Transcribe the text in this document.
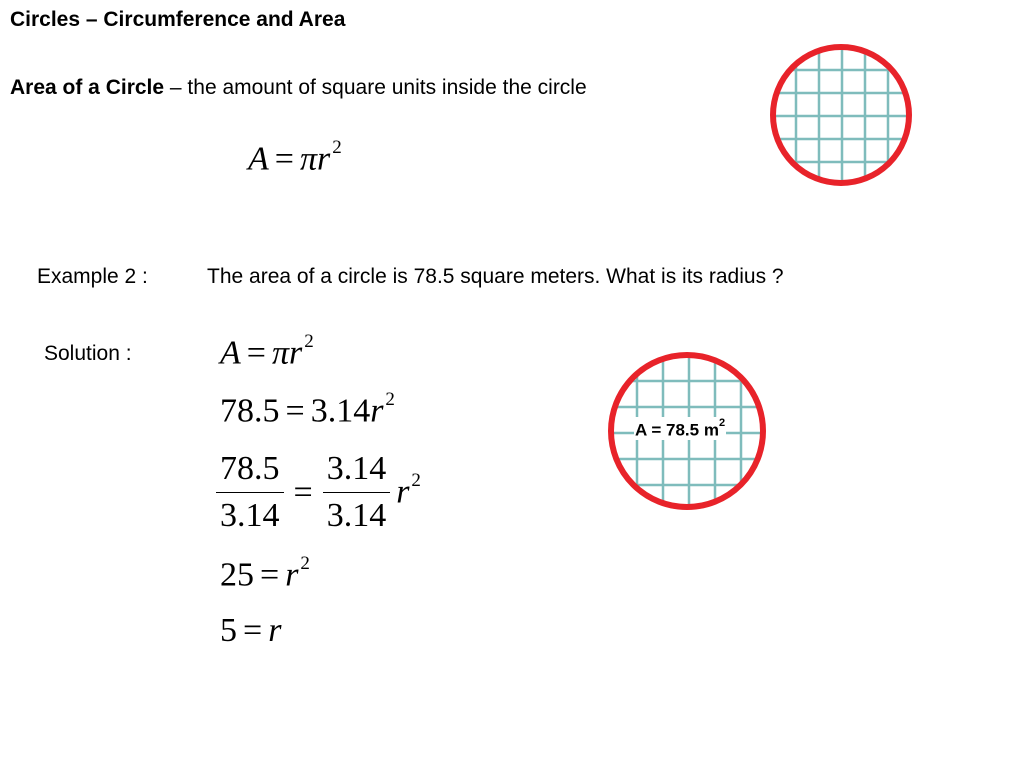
Circles – Circumference and Area
Area of a Circle – the amount of square units inside the circle
A = πr $^2$
Example 2 :	The area of a circle is 78.5 square meters. What is its radius ?
Solution :	A = πr $^2$
78.5 = 3.14r $^2$
$\frac{78.5}{3.14} = \frac{3.14}{3.14}$ r $^2$
25 = r $^2$
5 = r
A = 78.5 $m^2$
